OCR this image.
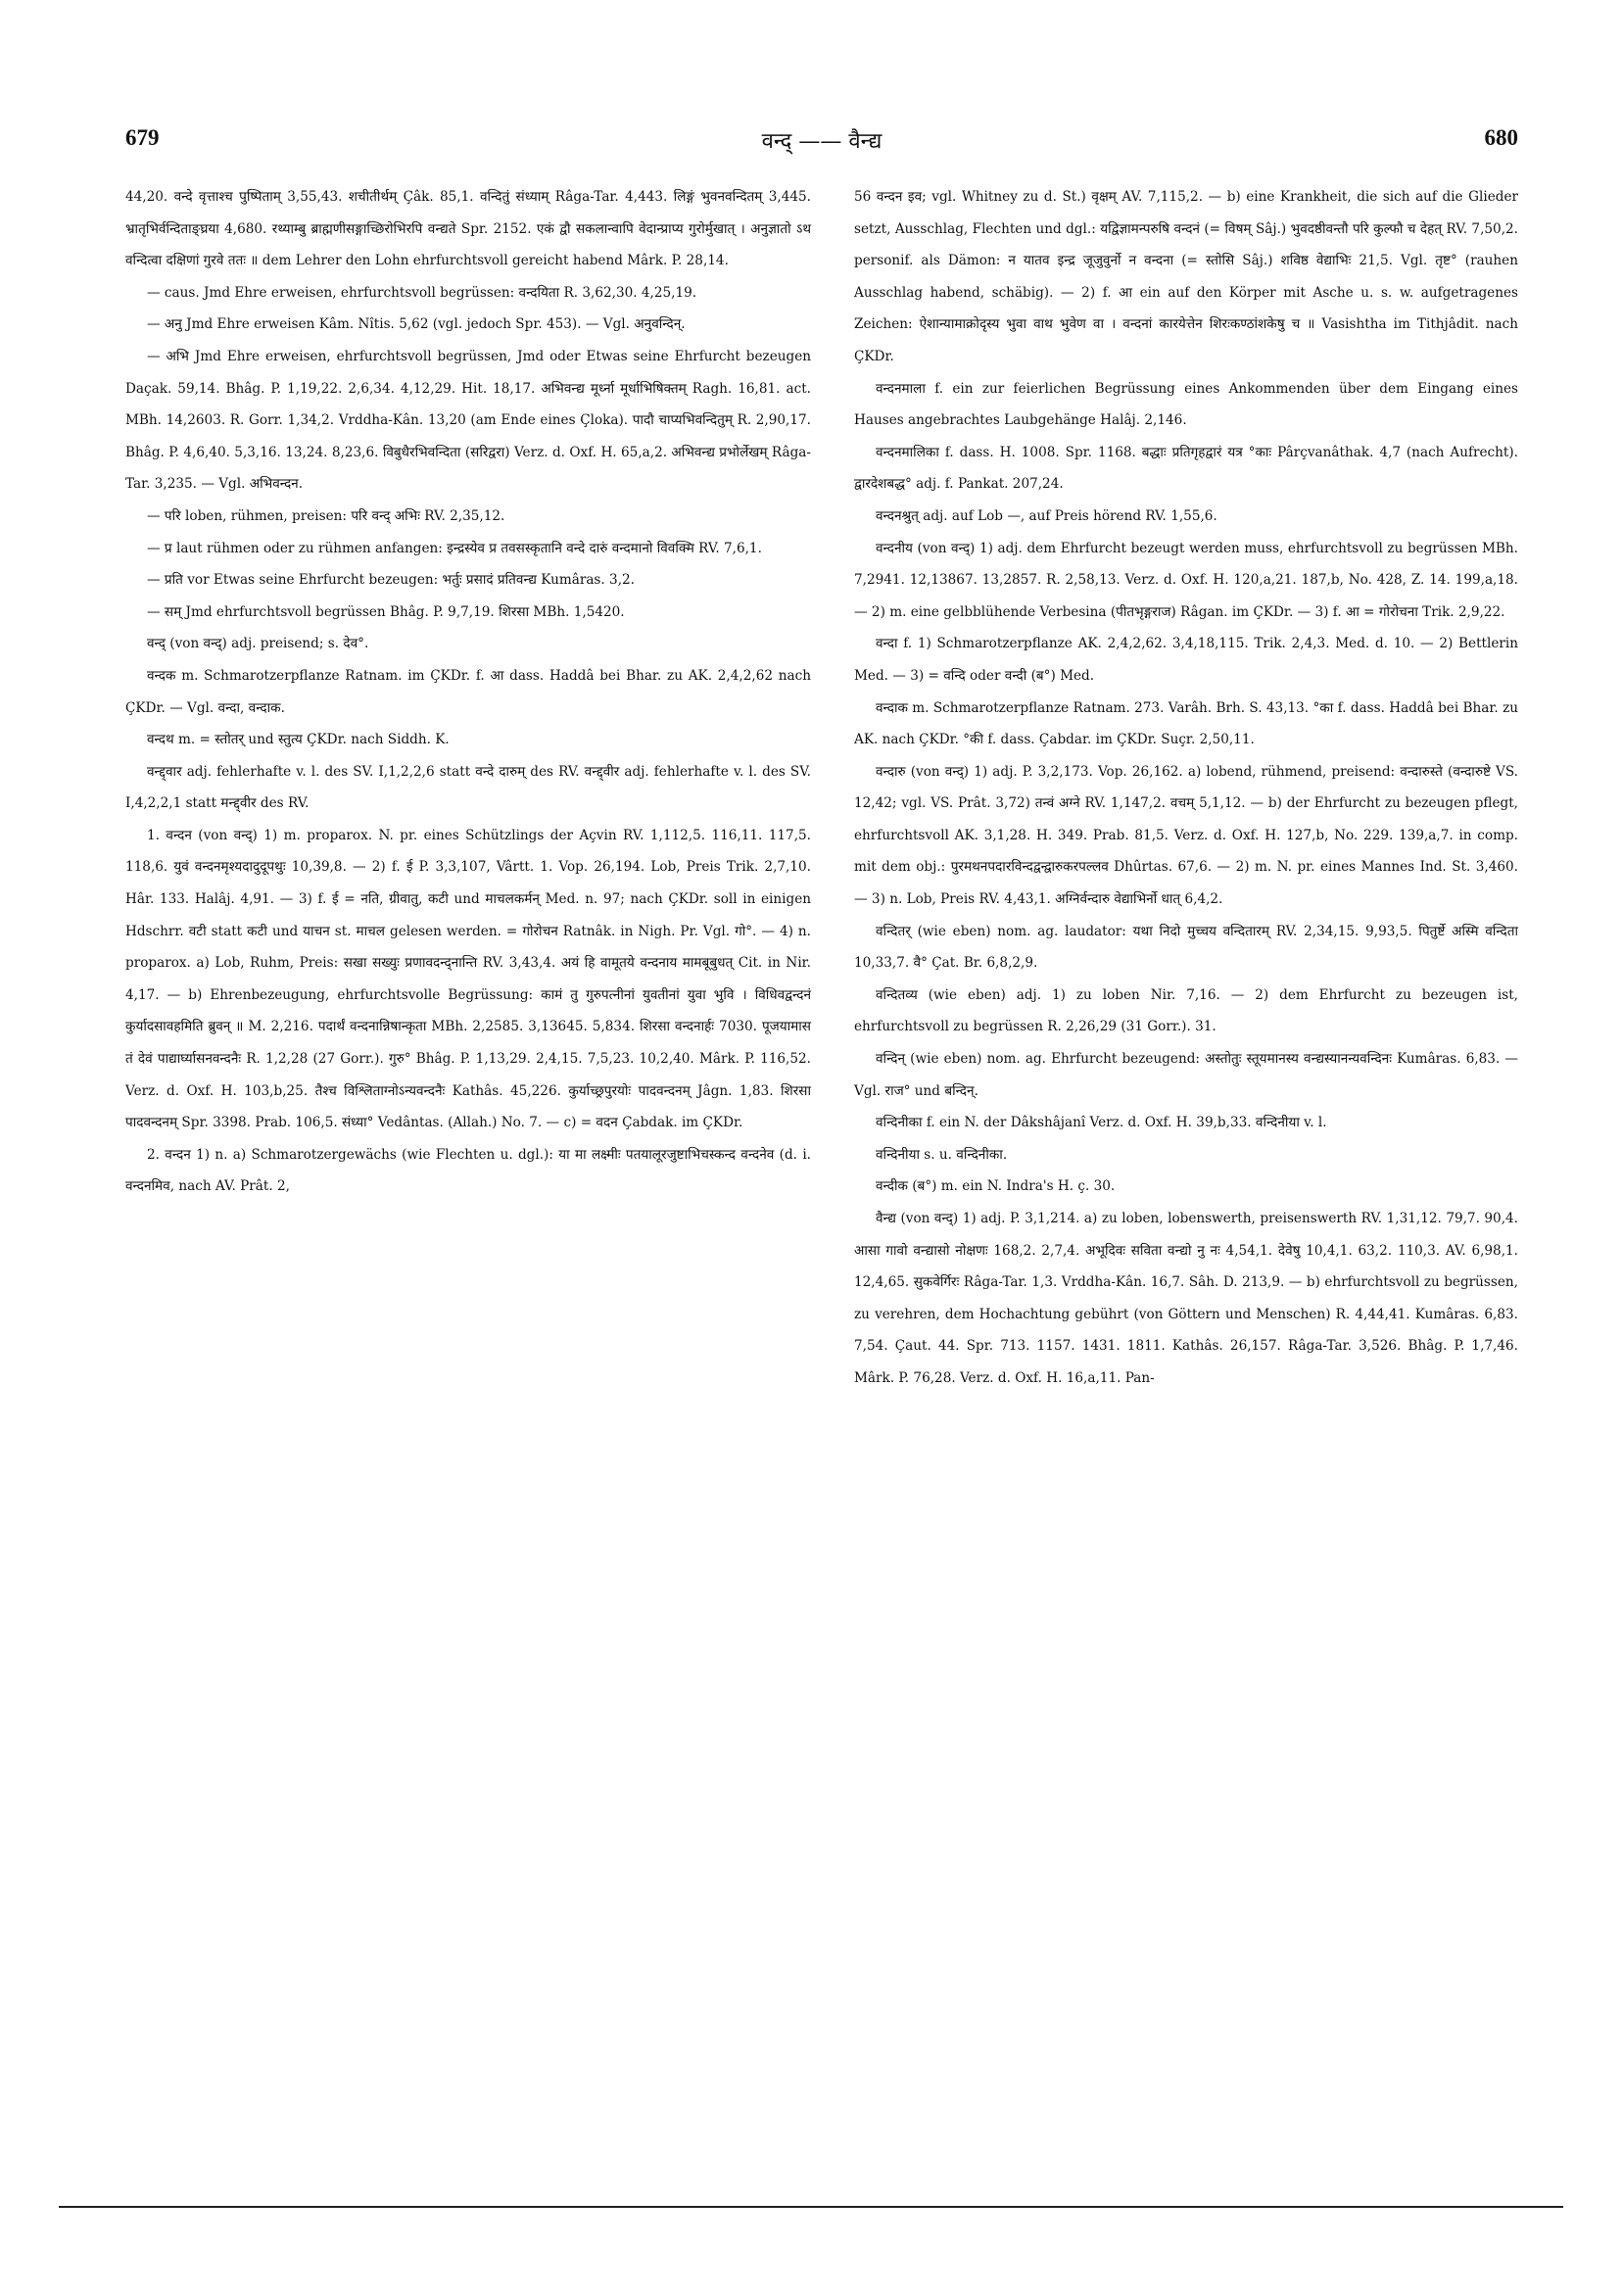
679	वन्द् —— वैन्द्य	680

44,20. वन्दे वृत्ताश्च पुष्पिताम् 3,55,43. शचीतीर्थम् Çâk. 85,1. वन्दितुं संध्याम् Râga-Tar. 4,443. लिङ्गं भुवनवन्दितम् 3,445. भ्रातृभिर्वन्दिताङ्घ्रया 4,680. रथ्याम्बु ब्राह्मणीसङ्गाच्छिरोभिरपि वन्द्यते Spr. 2152. एकं द्वौ सकलान्वापि वेदान्प्राप्य गुरोर्मुखात् । अनुज्ञातो ऽथ वन्दित्वा दक्षिणां गुरवे ततः ॥ dem Lehrer den Lohn ehrfurchtsvoll gereicht habend Mârk. P. 28,14.

— caus. Jmd Ehre erweisen, ehrfurchtsvoll begrüssen: वन्दयिता R. 3,62,30. 4,25,19.

— अनु Jmd Ehre erweisen Kâm. Nîtis. 5,62 (vgl. jedoch Spr. 453). — Vgl. अनुवन्दिन्.

— अभि Jmd Ehre erweisen, ehrfurchtsvoll begrüssen, Jmd oder Etwas seine Ehrfurcht bezeugen Daçak. 59,14. Bhâg. P. 1,19,22. 2,6,34. 4,12,29. Hit. 18,17. अभिवन्द्य मूर्ध्ना मूर्धाभिषिक्तम् Ragh. 16,81. act. MBh. 14,2603. R. Gorr. 1,34,2. Vrddha-Kân. 13,20 (am Ende eines Çloka). पादौ चाप्यभिवन्दितुम् R. 2,90,17. Bhâg. P. 4,6,40. 5,3,16. 13,24. 8,23,6. विबुधैरभिवन्दिता (सरिद्वरा) Verz. d. Oxf. H. 65,a,2. अभिवन्द्य प्रभोर्लेखम् Râga-Tar. 3,235. — Vgl. अभिवन्दन.

— परि loben, rühmen, preisen: परि वन्द् अभिः RV. 2,35,12.

— प्र laut rühmen oder zu rühmen anfangen: इन्द्रस्येव प्र तवसस्कृतानि वन्दे दारुं वन्दमानो विवक्मि RV. 7,6,1.

— प्रति vor Etwas seine Ehrfurcht bezeugen: भर्तुः प्रसादं प्रतिवन्द्य Kumâras. 3,2.

— सम् Jmd ehrfurchtsvoll begrüssen Bhâg. P. 9,7,19. शिरसा MBh. 1,5420.

वन्द् (von वन्द्) adj. preisend; s. देव°.

वन्दक m. Schmarotzerpflanze Ratnam. im ÇKDr. f. आ dass. Haddâ bei Bhar. zu AK. 2,4,2,62 nach ÇKDr. — Vgl. वन्दा, वन्दाक.

वन्दथ m. = स्तोतर् und स्तुत्य ÇKDr. nach Siddh. K.

वन्द्द्वार adj. fehlerhafte v. l. des SV. I,1,2,2,6 statt वन्दे दारुम् des RV. वन्द्द्वीर adj. fehlerhafte v. l. des SV. I,4,2,2,1 statt मन्द्द्वीर des RV.

1. वन्दन (von वन्द्) 1) m. proparox. N. pr. eines Schützlings der Açvin RV. 1,112,5. 116,11. 117,5. 118,6. युवं वन्दनमृश्यदादुदूपथुः 10,39,8. — 2) f. ई P. 3,3,107, Vârtt. 1. Vop. 26,194. Lob, Preis Trik. 2,7,10. Hâr. 133. Halâj. 4,91. — 3) f. ई = नति, ग्रीवातु, कटी und माचलकर्मन् Med. n. 97; nach ÇKDr. soll in einigen Hdschrr. वटी statt कटी und याचन st. माचल gelesen werden. = गोरोचन Ratnâk. in Nigh. Pr. Vgl. गो°. — 4) n. proparox. a) Lob, Ruhm, Preis: सखा सख्युः प्रणावदन्द्नान्ति RV. 3,43,4. अयं हि वामूतये वन्दनाय मामबूबुधत् Cit. in Nir. 4,17. — b) Ehrenbezeugung, ehrfurchtsvolle Begrüssung: कामं तु गुरुपत्नीनां युवतीनां युवा भुवि । विधिवद्वन्दनं कुर्यादसावहमिति ब्रुवन् ॥ M. 2,216. पदार्थं वन्दनान्निषान्कृता MBh. 2,2585. 3,13645. 5,834. शिरसा वन्दनार्हः 7030. पूजयामास तं देवं पाद्यार्घ्यासनवन्दनैः R. 1,2,28 (27 Gorr.). गुरु° Bhâg. P. 1,13,29. 2,4,15. 7,5,23. 10,2,40. Mârk. P. 116,52. Verz. d. Oxf. H. 103,b,25. तैश्च विश्लिताग्नोऽन्यवन्दनैः Kathâs. 45,226. कुर्याच्छ्रपुरयोः पादवन्दनम् Jâgn. 1,83. शिरसा पादवन्दनम् Spr. 3398. Prab. 106,5. संध्या° Vedântas. (Allah.) No. 7. — c) = वदन Çabdak. im ÇKDr.

2. वन्दन 1) n. a) Schmarotzergewächs (wie Flechten u. dgl.): या मा लक्ष्मीः पतयालूरजुष्टाभिचस्कन्द वन्दनेव (d. i. वन्दनमिव, nach AV. Prât. 2,

56 वन्दन इव; vgl. Whitney zu d. St.) वृक्षम् AV. 7,115,2. — b) eine Krankheit, die sich auf die Glieder setzt, Ausschlag, Flechten und dgl.: यद्विज्ञामन्परुषि वन्दनं (= विषम् Sâj.) भुवदष्ठीवन्तौ परि कुल्फौ च देहत् RV. 7,50,2. personif. als Dämon: न यातव इन्द्र जूजुवुर्नो न वन्दना (= स्तोसि Sâj.) शविष्ठ वेद्याभिः 21,5. Vgl. तृष्ट° (rauhen Ausschlag habend, schäbig). — 2) f. आ ein auf den Körper mit Asche u. s. w. aufgetragenes Zeichen: ऐशान्यामाक्रोदृस्य भुवा वाथ भुवेण वा । वन्दनां कारयेत्तेन शिरःकण्ठांशकेषु च ॥ Vasishtha im Tithjâdit. nach ÇKDr.

वन्दनमाला f. ein zur feierlichen Begrüssung eines Ankommenden über dem Eingang eines Hauses angebrachtes Laubgehänge Halâj. 2,146.

वन्दनमालिका f. dass. H. 1008. Spr. 1168. बद्धाः प्रतिगृहद्वारं यत्र °काः Pârçvanâthak. 4,7 (nach Aufrecht). द्वारदेशबद्ध° adj. f. Pankat. 207,24.

वन्दनश्रुत् adj. auf Lob —, auf Preis hörend RV. 1,55,6.

वन्दनीय (von वन्द्) 1) adj. dem Ehrfurcht bezeugt werden muss, ehrfurchtsvoll zu begrüssen MBh. 7,2941. 12,13867. 13,2857. R. 2,58,13. Verz. d. Oxf. H. 120,a,21. 187,b, No. 428, Z. 14. 199,a,18. — 2) m. eine gelbblühende Verbesina (पीतभृङ्गराज) Râgan. im ÇKDr. — 3) f. आ = गोरोचना Trik. 2,9,22.

वन्दा f. 1) Schmarotzerpflanze AK. 2,4,2,62. 3,4,18,115. Trik. 2,4,3. Med. d. 10. — 2) Bettlerin Med. — 3) = वन्दि oder वन्दी (ब°) Med.

वन्दाक m. Schmarotzerpflanze Ratnam. 273. Varâh. Brh. S. 43,13. °का f. dass. Haddâ bei Bhar. zu AK. nach ÇKDr. °की f. dass. Çabdar. im ÇKDr. Suçr. 2,50,11.

वन्दारु (von वन्द्) 1) adj. P. 3,2,173. Vop. 26,162. a) lobend, rühmend, preisend: वन्दारुस्ते (वन्दारुष्टे VS. 12,42; vgl. VS. Prât. 3,72) तन्वं अग्ने RV. 1,147,2. वचम् 5,1,12. — b) der Ehrfurcht zu bezeugen pflegt, ehrfurchtsvoll AK. 3,1,28. H. 349. Prab. 81,5. Verz. d. Oxf. H. 127,b, No. 229. 139,a,7. in comp. mit dem obj.: पुरमथनपदारविन्दद्वन्द्वारुकरपल्लव Dhûrtas. 67,6. — 2) m. N. pr. eines Mannes Ind. St. 3,460. — 3) n. Lob, Preis RV. 4,43,1. अग्निर्वन्दारु वेद्याभिर्नो धात् 6,4,2.

वन्दितर् (wie eben) nom. ag. laudator: यथा निदो मुच्चय वन्दितारम् RV. 2,34,15. 9,93,5. पितुर्ष्टे अस्मि वन्दिता 10,33,7. वै° Çat. Br. 6,8,2,9.

वन्दितव्य (wie eben) adj. 1) zu loben Nir. 7,16. — 2) dem Ehrfurcht zu bezeugen ist, ehrfurchtsvoll zu begrüssen R. 2,26,29 (31 Gorr.). 31.

वन्दिन् (wie eben) nom. ag. Ehrfurcht bezeugend: अस्तोतुः स्तूयमानस्य वन्द्यस्यानन्यवन्दिनः Kumâras. 6,83. — Vgl. राज° und बन्दिन्.

वन्दिनीका f. ein N. der Dâkshâjanî Verz. d. Oxf. H. 39,b,33. वन्दिनीया v. l.

वन्दिनीया s. u. वन्दिनीका.

वन्दीक (ब°) m. ein N. Indra's H. ç. 30.

वैन्द्य (von वन्द्) 1) adj. P. 3,1,214. a) zu loben, lobenswerth, preisenswerth RV. 1,31,12. 79,7. 90,4. आसा गावो वन्द्यासो नोक्षणः 168,2. 2,7,4. अभूदिवः सविता वन्द्यो नु नः 4,54,1. देवेषु 10,4,1. 63,2. 110,3. AV. 6,98,1. 12,4,65. सुकवेर्गिरः Râga-Tar. 1,3. Vrddha-Kân. 16,7. Sâh. D. 213,9. — b) ehrfurchtsvoll zu begrüssen, zu verehren, dem Hochachtung gebührt (von Göttern und Menschen) R. 4,44,41. Kumâras. 6,83. 7,54. Çaut. 44. Spr. 713. 1157. 1431. 1811. Kathâs. 26,157. Râga-Tar. 3,526. Bhâg. P. 1,7,46. Mârk. P. 76,28. Verz. d. Oxf. H. 16,a,11. Pan-
